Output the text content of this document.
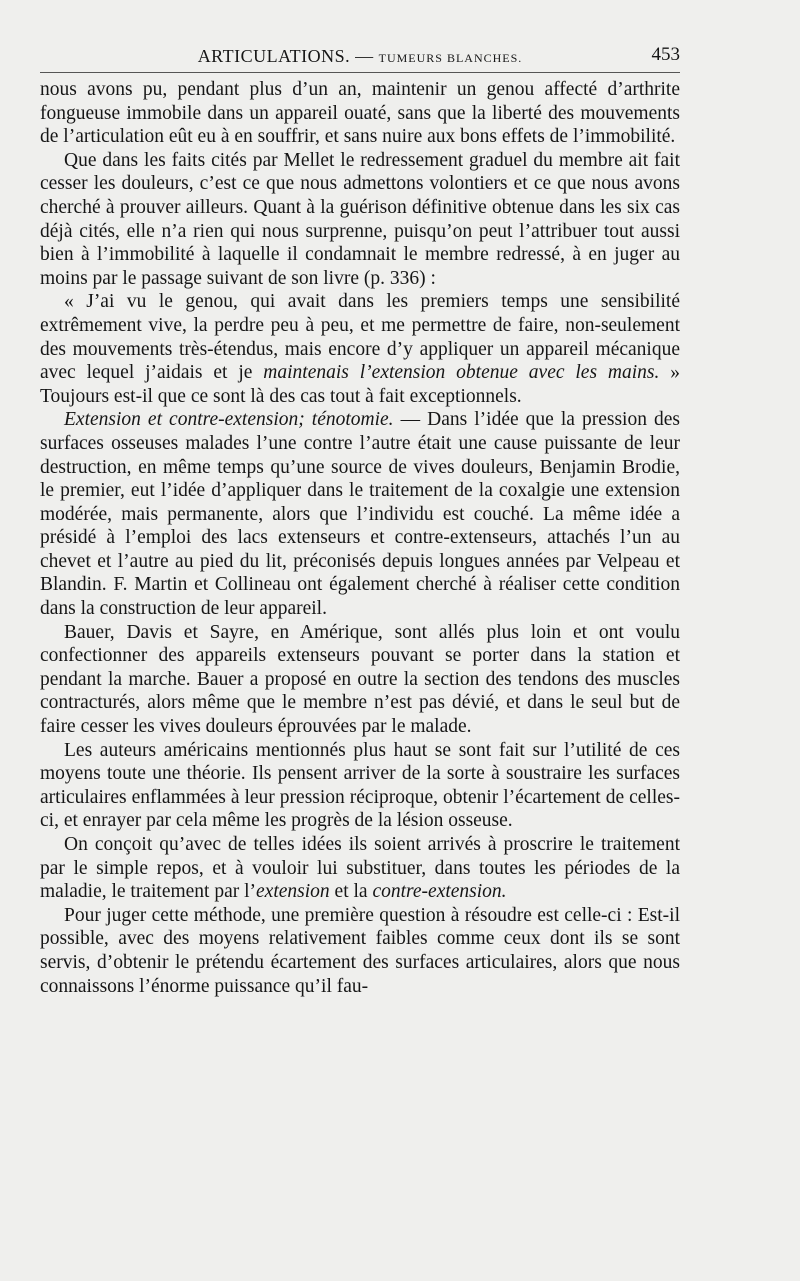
ARTICULATIONS. — TUMEURS BLANCHES.	453

nous avons pu, pendant plus d’un an, maintenir un genou affecté d’arthrite fongueuse immobile dans un appareil ouaté, sans que la liberté des mouvements de l’articulation eût eu à en souffrir, et sans nuire aux bons effets de l’immobilité.

Que dans les faits cités par Mellet le redressement graduel du membre ait fait cesser les douleurs, c’est ce que nous admettons volontiers et ce que nous avons cherché à prouver ailleurs. Quant à la guérison définitive obtenue dans les six cas déjà cités, elle n’a rien qui nous surprenne, puisqu’on peut l’attribuer tout aussi bien à l’immobilité à laquelle il condamnait le membre redressé, à en juger au moins par le passage suivant de son livre (p. 336) :

« J’ai vu le genou, qui avait dans les premiers temps une sensibilité extrêmement vive, la perdre peu à peu, et me permettre de faire, non-seulement des mouvements très-étendus, mais encore d’y appliquer un appareil mécanique avec lequel j’aidais et je maintenais l’extension obtenue avec les mains. » Toujours est-il que ce sont là des cas tout à fait exceptionnels.

Extension et contre-extension; ténotomie. — Dans l’idée que la pression des surfaces osseuses malades l’une contre l’autre était une cause puissante de leur destruction, en même temps qu’une source de vives douleurs, Benjamin Brodie, le premier, eut l’idée d’appliquer dans le traitement de la coxalgie une extension modérée, mais permanente, alors que l’individu est couché. La même idée a présidé à l’emploi des lacs extenseurs et contre-extenseurs, attachés l’un au chevet et l’autre au pied du lit, préconisés depuis longues années par Velpeau et Blandin. F. Martin et Collineau ont également cherché à réaliser cette condition dans la construction de leur appareil.

Bauer, Davis et Sayre, en Amérique, sont allés plus loin et ont voulu confectionner des appareils extenseurs pouvant se porter dans la station et pendant la marche. Bauer a proposé en outre la section des tendons des muscles contracturés, alors même que le membre n’est pas dévié, et dans le seul but de faire cesser les vives douleurs éprouvées par le malade.

Les auteurs américains mentionnés plus haut se sont fait sur l’utilité de ces moyens toute une théorie. Ils pensent arriver de la sorte à soustraire les surfaces articulaires enflammées à leur pression réciproque, obtenir l’écartement de celles-ci, et enrayer par cela même les progrès de la lésion osseuse.

On conçoit qu’avec de telles idées ils soient arrivés à proscrire le traitement par le simple repos, et à vouloir lui substituer, dans toutes les périodes de la maladie, le traitement par l’extension et la contre-extension.

Pour juger cette méthode, une première question à résoudre est celle-ci : Est-il possible, avec des moyens relativement faibles comme ceux dont ils se sont servis, d’obtenir le prétendu écartement des surfaces articulaires, alors que nous connaissons l’énorme puissance qu’il fau-
